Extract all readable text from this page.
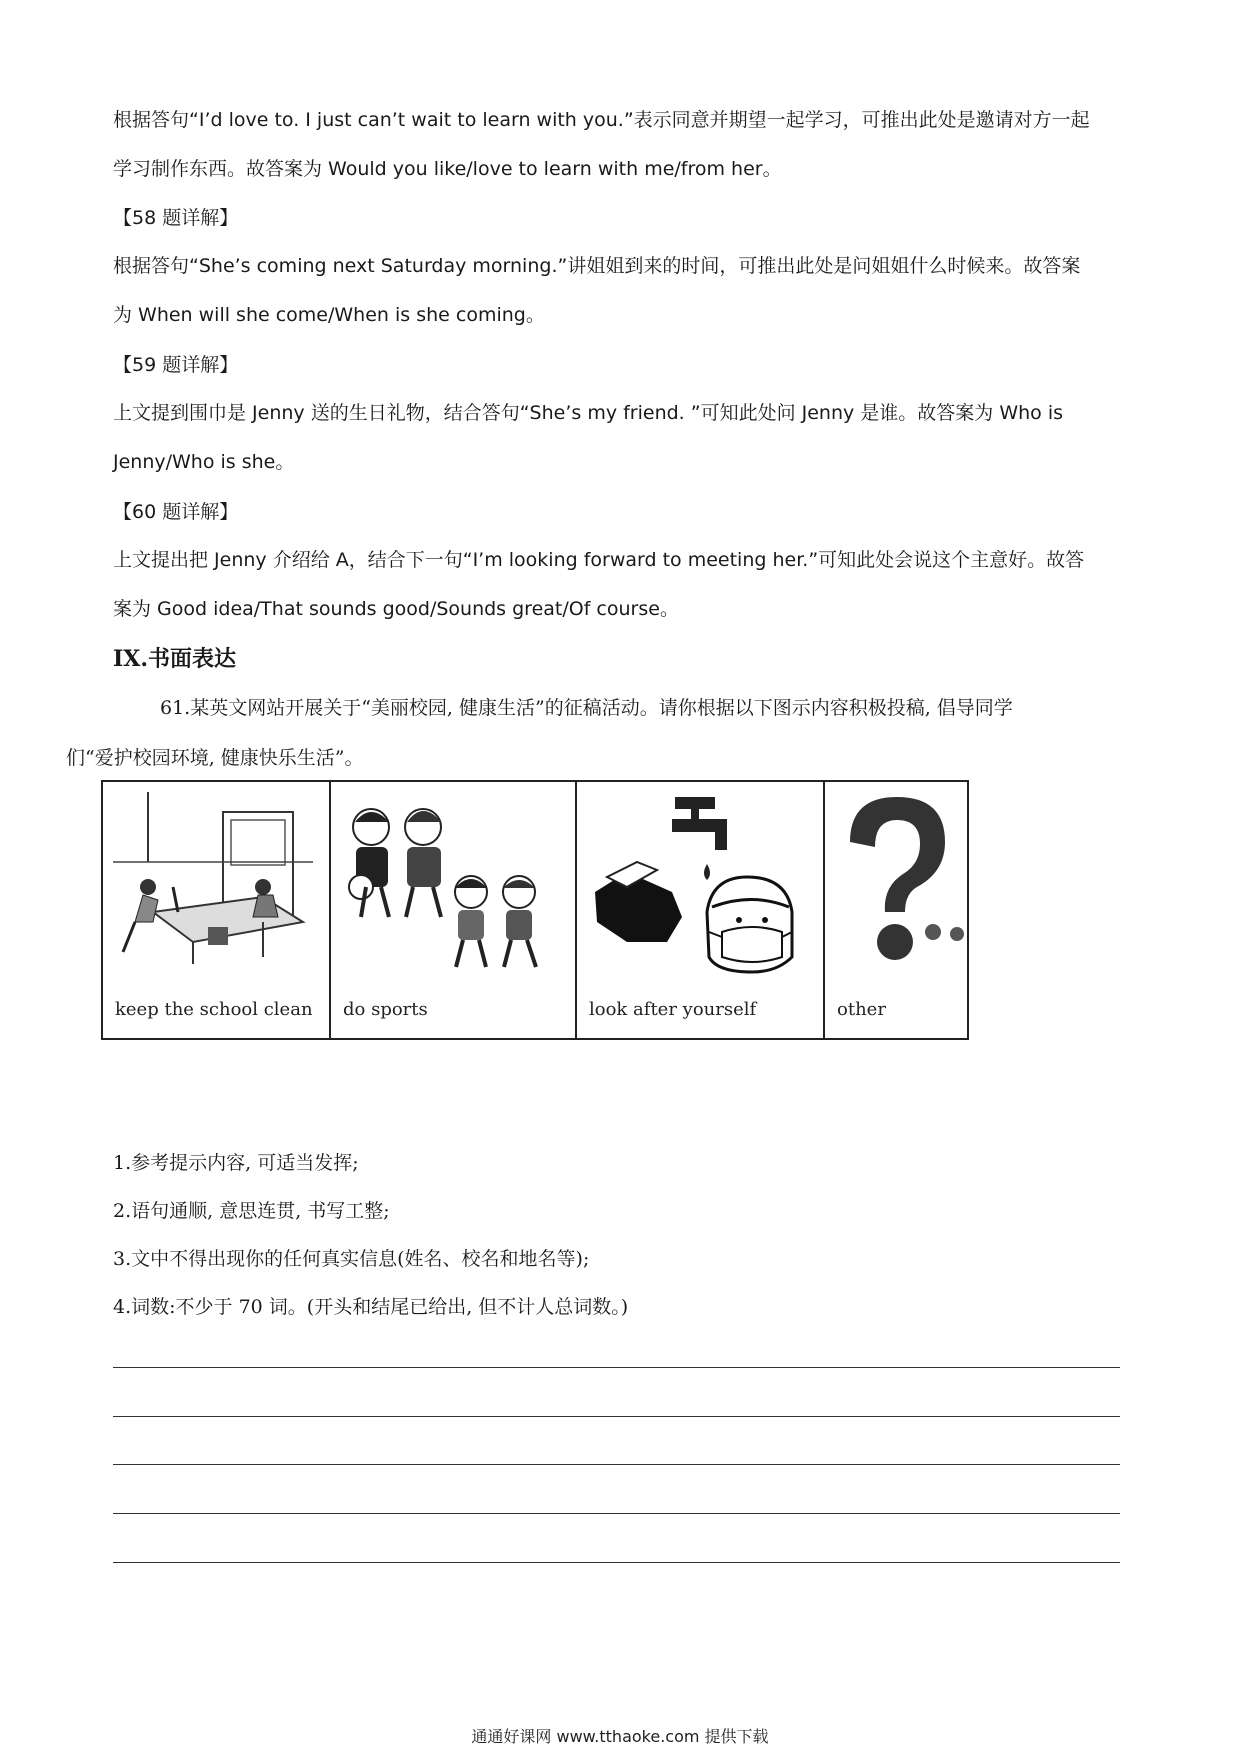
根据答句“I’d love to. I just can’t wait to learn with you.”表示同意并期望一起学习，可推出此处是邀请对方一起

学习制作东西。故答案为 Would you like/love to learn with me/from her。

【58 题详解】

根据答句“She’s coming next Saturday morning.”讲姐姐到来的时间，可推出此处是问姐姐什么时候来。故答案

为 When will she come/When is she coming。

【59 题详解】

上文提到围巾是 Jenny 送的生日礼物，结合答句“She’s my friend. ”可知此处问 Jenny 是谁。故答案为 Who is

Jenny/Who is she。

【60 题详解】

上文提出把 Jenny 介绍给 A，结合下一句“I’m looking forward to meeting her.”可知此处会说这个主意好。故答

案为 Good idea/That sounds good/Sounds great/Of course。

IX.书面表达

61.某英文网站开展关于“美丽校园, 健康生活”的征稿活动。请你根据以下图示内容积极投稿, 倡导同学
们“爱护校园环境, 健康快乐生活”。

keep the school clean do sports	look after yourself	other

1.参考提示内容, 可适当发挥;

2.语句通顺, 意思连贯, 书写工整;

3.文中不得出现你的任何真实信息(姓名、校名和地名等);

4.词数:不少于 70 词。(开头和结尾已给出, 但不计人总词数。)

通通好课网 www.tthaoke.com 提供下载
